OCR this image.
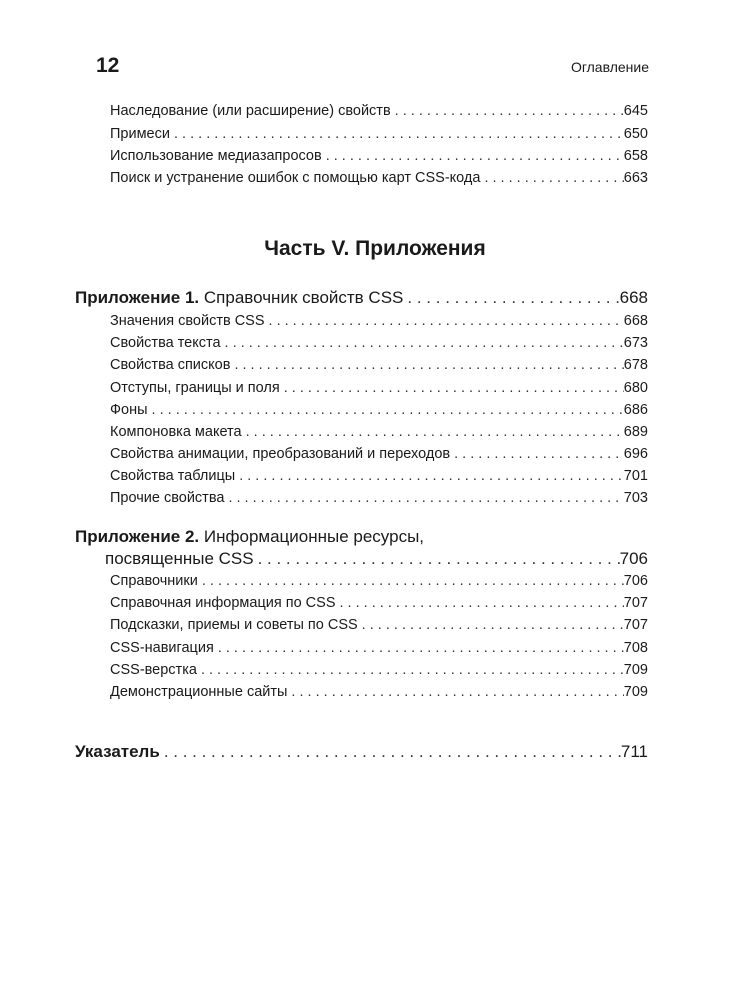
12	Оглавление
Наследование (или расширение) свойств . . .	645
Примеси . . .	650
Использование медиазапросов . . .	658
Поиск и устранение ошибок с помощью карт CSS-кода . . .	663
Часть V. Приложения
Приложение 1. Справочник свойств CSS . . .	668
Значения свойств CSS . . .	668
Свойства текста . . .	673
Свойства списков . . .	678
Отступы, границы и поля . . .	680
Фоны . . .	686
Компоновка макета . . .	689
Свойства анимации, преобразований и переходов . . .	696
Свойства таблицы . . .	701
Прочие свойства . . .	703
Приложение 2. Информационные ресурсы,
посвященные CSS . . .	706
Справочники . . .	706
Справочная информация по CSS . . .	707
Подсказки, приемы и советы по CSS . . .	707
CSS-навигация . . .	708
CSS-верстка . . .	709
Демонстрационные сайты . . .	709
Указатель . . .	711
